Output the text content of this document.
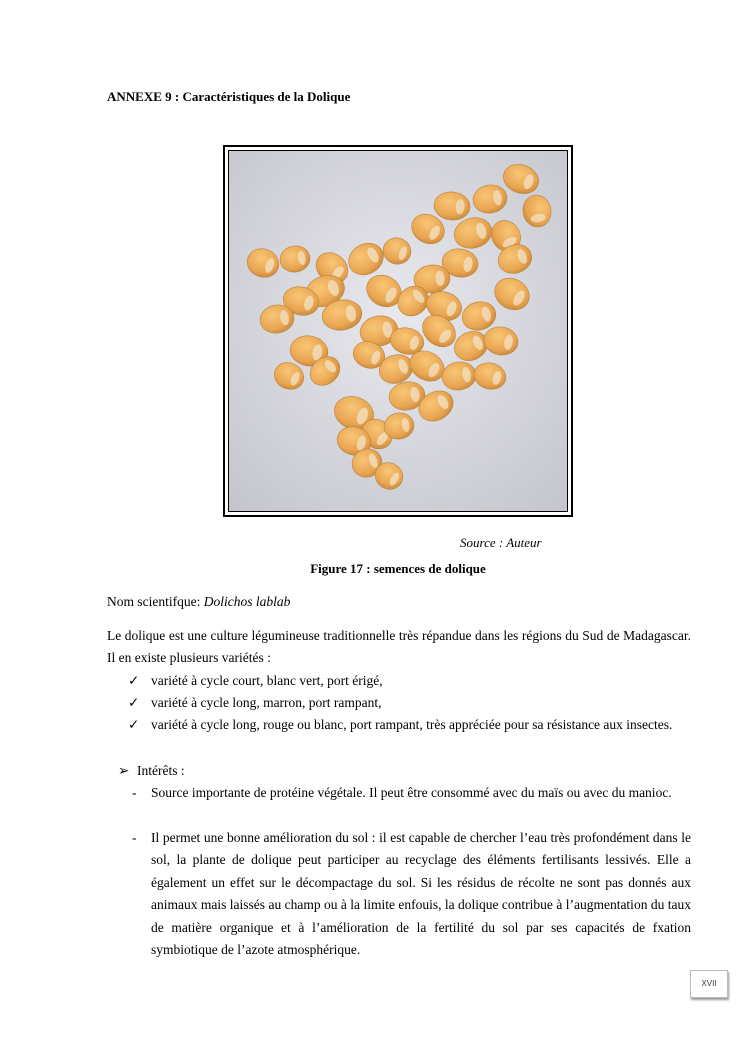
ANNEXE 9 : Caractéristiques de la Dolique
Source : Auteur
Figure 17 : semences de dolique
Nom scientifque: Dolichos lablab
Le dolique est une culture légumineuse traditionnelle très répandue dans les régions du Sud de Madagascar. Il en existe plusieurs variétés :
✓ variété à cycle court, blanc vert, port érigé,
✓ variété à cycle long, marron, port rampant,
✓ variété à cycle long, rouge ou blanc, port rampant, très appréciée pour sa résistance aux insectes.
➢ Intérêts :
- Source importante de protéine végétale. Il peut être consommé avec du maïs ou avec du manioc.
- Il permet une bonne amélioration du sol : il est capable de chercher l’eau très profondément dans le sol, la plante de dolique peut participer au recyclage des éléments fertilisants lessivés. Elle a également un effet sur le décompactage du sol. Si les résidus de récolte ne sont pas donnés aux animaux mais laissés au champ ou à la limite enfouis, la dolique contribue à l’augmentation du taux de matière organique et à l’amélioration de la fertilité du sol par ses capacités de fxation symbiotique de l’azote atmosphérique.
XVII
